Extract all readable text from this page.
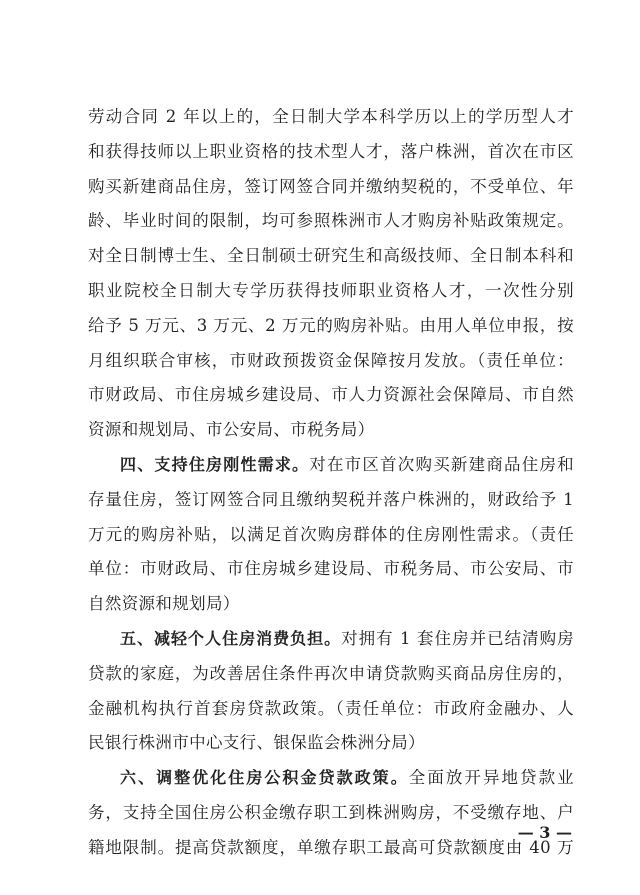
劳动合同 2 年以上的，全日制大学本科学历以上的学历型人才
和获得技师以上职业资格的技术型人才，落户株洲，首次在市区
购买新建商品住房，签订网签合同并缴纳契税的，不受单位、年
龄、毕业时间的限制，均可参照株洲市人才购房补贴政策规定。
对全日制博士生、全日制硕士研究生和高级技师、全日制本科和
职业院校全日制大专学历获得技师职业资格人才，一次性分别
给予 5 万元、3 万元、2 万元的购房补贴。由用人单位申报，按
月组织联合审核，市财政预拨资金保障按月发放。（责任单位：
市财政局、市住房城乡建设局、市人力资源社会保障局、市自然
资源和规划局、市公安局、市税务局）
四、支持住房刚性需求。对在市区首次购买新建商品住房和
存量住房，签订网签合同且缴纳契税并落户株洲的，财政给予 1
万元的购房补贴，以满足首次购房群体的住房刚性需求。（责任
单位：市财政局、市住房城乡建设局、市税务局、市公安局、市
自然资源和规划局）
五、减轻个人住房消费负担。对拥有 1 套住房并已结清购房
贷款的家庭，为改善居住条件再次申请贷款购买商品房住房的，
金融机构执行首套房贷款政策。（责任单位：市政府金融办、人
民银行株洲市中心支行、银保监会株洲分局）
六、调整优化住房公积金贷款政策。全面放开异地贷款业
务，支持全国住房公积金缴存职工到株洲购房，不受缴存地、户
籍地限制。提高贷款额度，单缴存职工最高可贷款额度由 40 万
— 3 —
